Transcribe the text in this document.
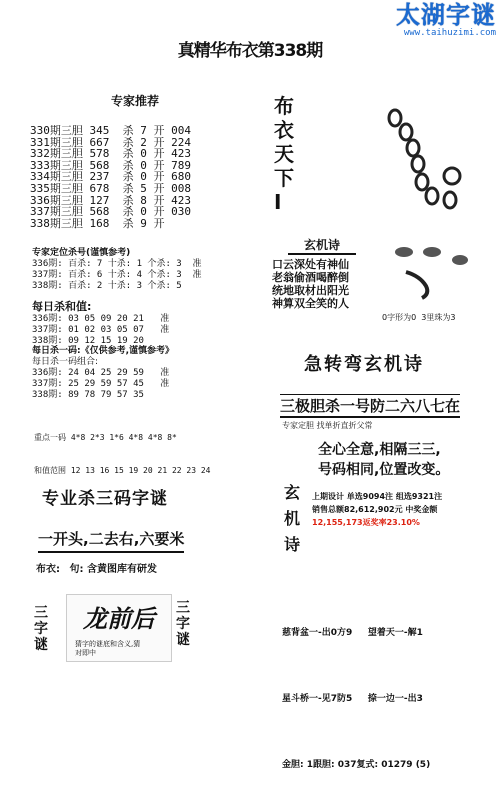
太湖字谜
www.taihuzimi.com
真精华布衣第338期
专家推荐
330期三胆 345  杀 7 开 004
331期三胆 667  杀 2 开 224
332期三胆 578  杀 0 开 423
333期三胆 568  杀 0 开 789
334期三胆 237  杀 0 开 680
335期三胆 678  杀 5 开 008
336期三胆 127  杀 8 开 423
337期三胆 568  杀 0 开 030
338期三胆 168  杀 9 开
专家定位杀号(谨慎参考)
336期: 百杀: 7 十杀: 1 个杀: 3  准
337期: 百杀: 6 十杀: 4 个杀: 3  准
338期: 百杀: 2 十杀: 3 个杀: 5
每日杀和值:
336期: 03 05 09 20 21   准
337期: 01 02 03 05 07   准
338期: 09 12 15 19 20
每日杀一码:《仅供参考,谨慎参考》
每日杀一码组合:
336期: 24 04 25 29 59   准
337期: 25 29 59 57 45   准
338期: 89 78 79 57 35

重点一码 4*8 2*3 1*6 4*8 4*8 8*

和值范围 12 13 16 15 19 20 21 22 23 24

专业杀三码字谜
一开头,二去右,六要米
布衣: 句: 含黄图库有研发
三字谜
龙前后
猜字的谜底和含义,猜
对即中
三字谜
布衣天下Ⅰ
玄机诗
口云深处有神仙
老翁偷酒喝醉倒
统地取材出阳光
神算双全笑的人
0字形为0  3里珠为3
急转弯玄机诗
三极胆杀一号防二六八七在
专家定胆 找单折直折父常
玄机诗
全心全意,相隔三三,
号码相同,位置改变。
上期设计 单选9094注 组选9321注
销售总额82,612,902元 中奖金额
12,155,173返奖率23.10%

慈背盆一-出0方9     望着天一-解1

星斗桥一-见7防5     捺一边一-出3

金胆: 1跟胆: 037复式: 01279 (5)
